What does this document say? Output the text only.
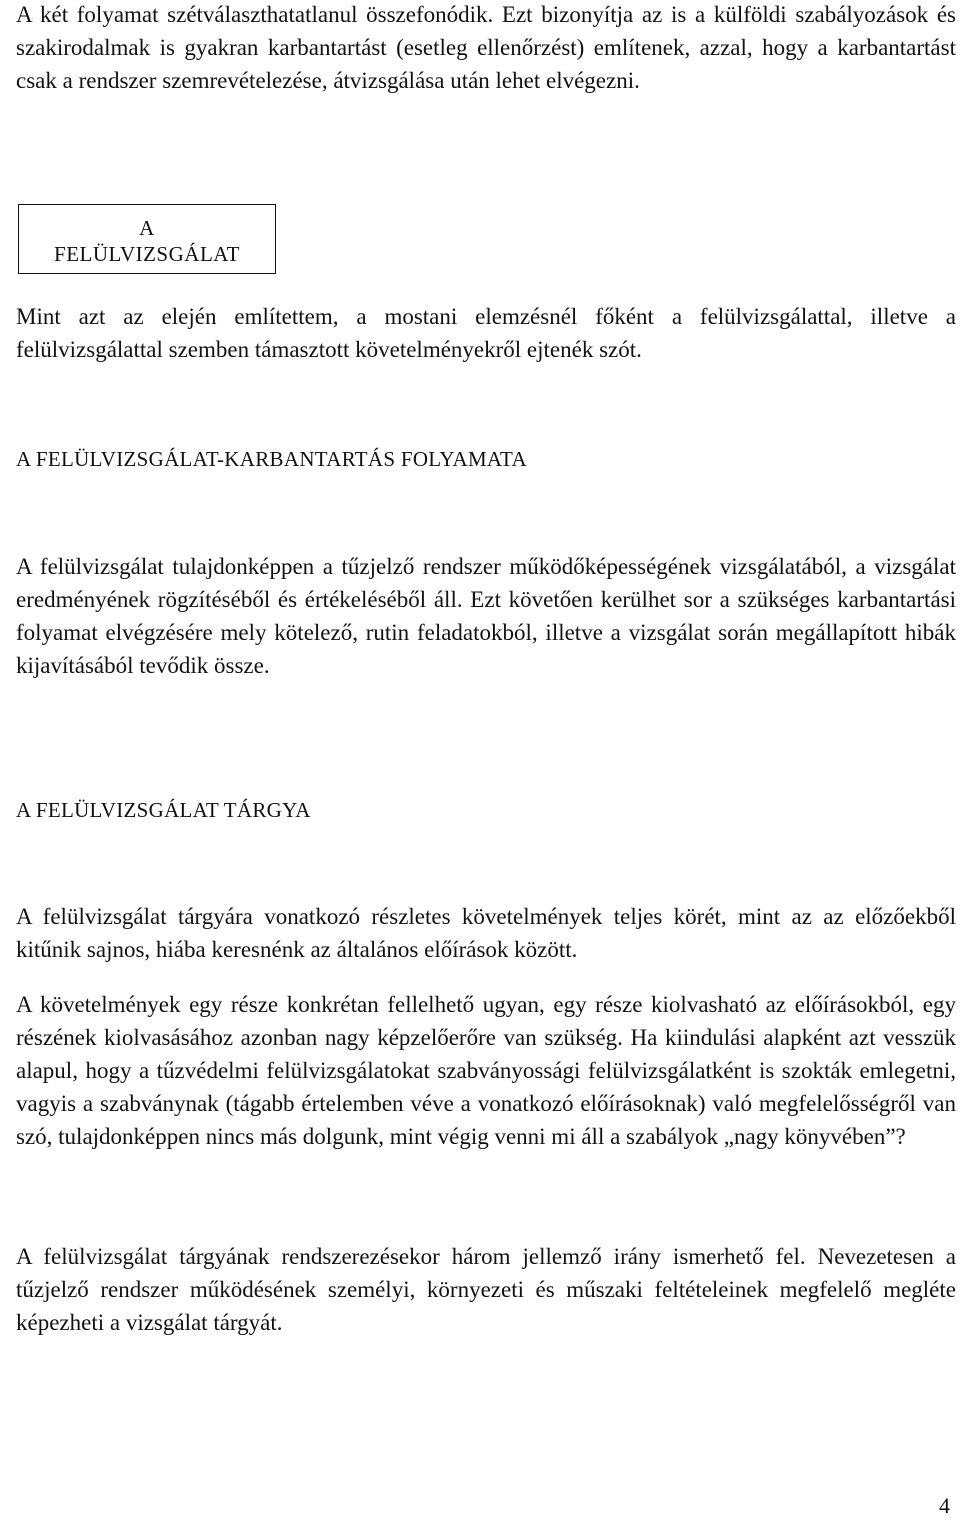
A két folyamat szétválaszthatatlanul összefonódik. Ezt bizonyítja az is a külföldi szabályozások és szakirodalmak is gyakran karbantartást (esetleg ellenőrzést) említenek, azzal, hogy a karbantartást csak a rendszer szemrevételezése, átvizsgálása után lehet elvégezni.

A
FELÜLVIZSGÁLAT

Mint azt az elején említettem, a mostani elemzésnél főként a felülvizsgálattal, illetve a felülvizsgálattal szemben támasztott követelményekről ejtenék szót.

A FELÜLVIZSGÁLAT-KARBANTARTÁS FOLYAMATA

A felülvizsgálat tulajdonképpen a tűzjelző rendszer működőképességének vizsgálatából, a vizsgálat eredményének rögzítéséből és értékeléséből áll. Ezt követően kerülhet sor a szükséges karbantartási folyamat elvégzésére mely kötelező, rutin feladatokból, illetve a vizsgálat során megállapított hibák kijavításából tevődik össze.

A FELÜLVIZSGÁLAT TÁRGYA

A felülvizsgálat tárgyára vonatkozó részletes követelmények teljes körét, mint az az előzőekből kitűnik sajnos, hiába keresnénk az általános előírások között.

A követelmények egy része konkrétan fellelhető ugyan, egy része kiolvasható az előírásokból, egy részének kiolvasásához azonban nagy képzelőerőre van szükség. Ha kiindulási alapként azt vesszük alapul, hogy a tűzvédelmi felülvizsgálatokat szabványossági felülvizsgálatként is szokták emlegetni, vagyis a szabványnak (tágabb értelemben véve a vonatkozó előírásoknak) való megfelelősségről van szó, tulajdonképpen nincs más dolgunk, mint végig venni mi áll a szabályok „nagy könyvében”?

A felülvizsgálat tárgyának rendszerezésekor három jellemző irány ismerhető fel. Nevezetesen a tűzjelző rendszer működésének személyi, környezeti és műszaki feltételeinek megfelelő megléte képezheti a vizsgálat tárgyát.

4
